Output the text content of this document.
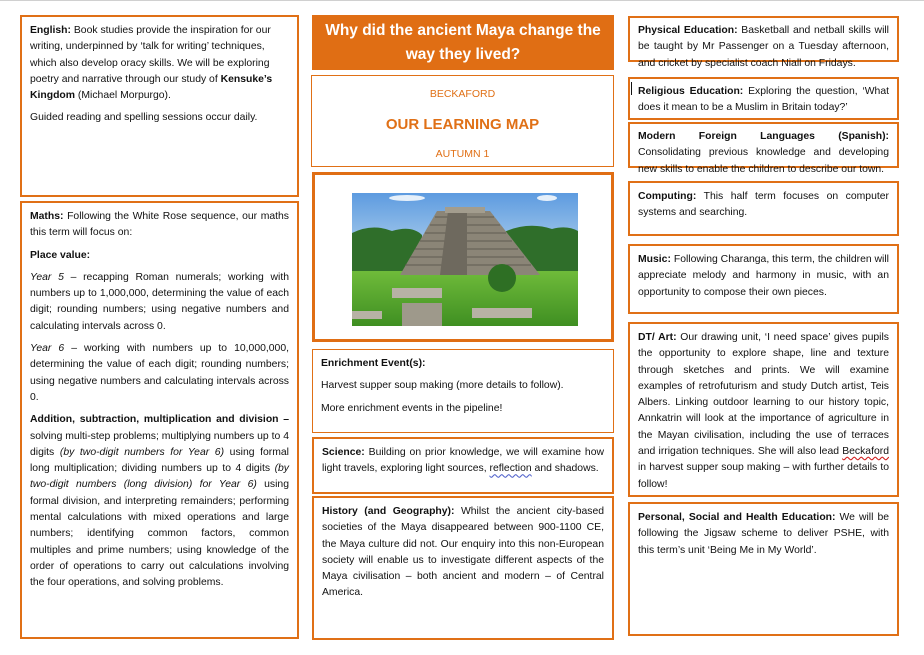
English: Book studies provide the inspiration for our writing, underpinned by ‘talk for writing’ techniques, which also develop oracy skills. We will be exploring poetry and narrative through our study of Kensuke’s Kingdom (Michael Morpurgo).

Guided reading and spelling sessions occur daily.

Maths: Following the White Rose sequence, our maths this term will focus on:

Place value:

Year 5 – recapping Roman numerals; working with numbers up to 1,000,000, determining the value of each digit; rounding numbers; using negative numbers and calculating intervals across 0.

Year 6 – working with numbers up to 10,000,000, determining the value of each digit; rounding numbers; using negative numbers and calculating intervals across 0.

Addition, subtraction, multiplication and division – solving multi-step problems; multiplying numbers up to 4 digits (by two-digit numbers for Year 6) using formal long multiplication; dividing numbers up to 4 digits (by two-digit numbers (long division) for Year 6) using formal division, and interpreting remainders; performing mental calculations with mixed operations and large numbers; identifying common factors, common multiples and prime numbers; using knowledge of the order of operations to carry out calculations involving the four operations, and solving problems.

Why did the ancient Maya change the way they lived?
BECKAFORD
OUR LEARNING MAP
AUTUMN 1

Enrichment Event(s):

Harvest supper soup making (more details to follow).

More enrichment events in the pipeline!

Science: Building on prior knowledge, we will examine how light travels, exploring light sources, reflection and shadows.

History (and Geography): Whilst the ancient city-based societies of the Maya disappeared between 900-1100 CE, the Maya culture did not. Our enquiry into this non-European society will enable us to investigate different aspects of the Maya civilisation – both ancient and modern – of Central America.

Physical Education: Basketball and netball skills will be taught by Mr Passenger on a Tuesday afternoon, and cricket by specialist coach Niall on Fridays.

Religious Education: Exploring the question, ‘What does it mean to be a Muslim in Britain today?’

Modern Foreign Languages (Spanish): Consolidating previous knowledge and developing new skills to enable the children to describe our town.

Computing: This half term focuses on computer systems and searching.

Music: Following Charanga, this term, the children will appreciate melody and harmony in music, with an opportunity to compose their own pieces.

DT/ Art: Our drawing unit, ‘I need space’ gives pupils the opportunity to explore shape, line and texture through sketches and prints. We will examine examples of retrofuturism and study Dutch artist, Teis Albers. Linking outdoor learning to our history topic, Annkatrin will look at the importance of agriculture in the Mayan civilisation, including the use of terraces and irrigation techniques. She will also lead Beckaford in harvest supper soup making – with further details to follow!

Personal, Social and Health Education: We will be following the Jigsaw scheme to deliver PSHE, with this term’s unit ‘Being Me in My World’.
